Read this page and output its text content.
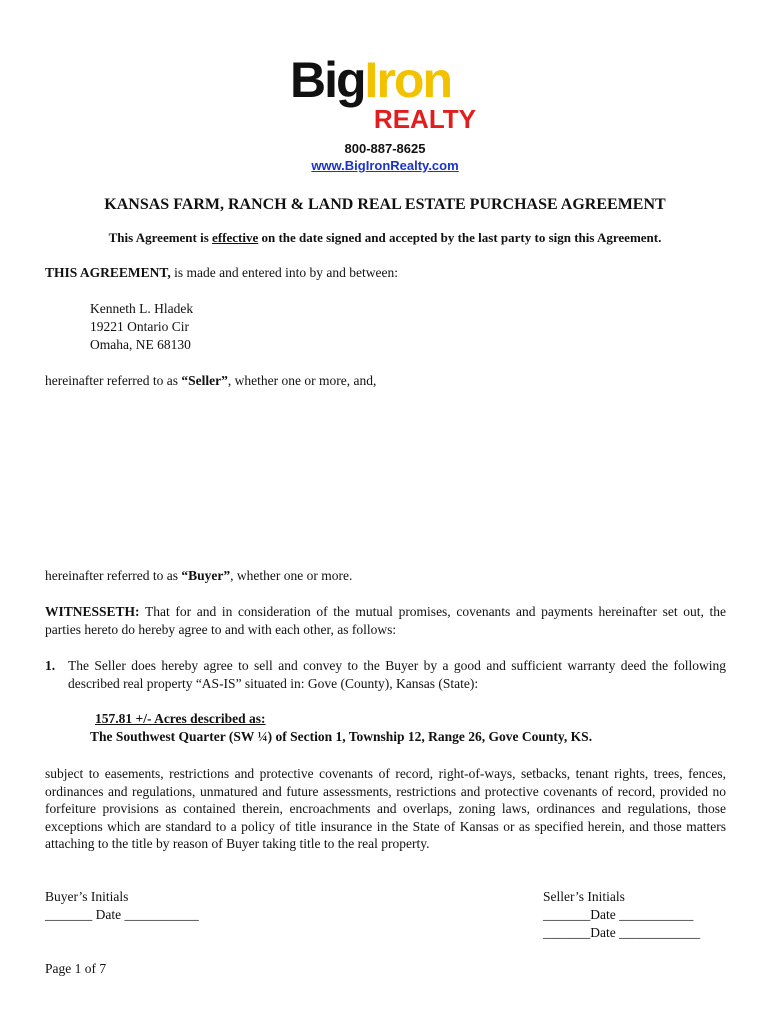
BigIron
REALTY
800-887-8625
www.BigIronRealty.com
KANSAS FARM, RANCH & LAND REAL ESTATE PURCHASE AGREEMENT
This Agreement is effective on the date signed and accepted by the last party to sign this Agreement.
THIS AGREEMENT, is made and entered into by and between:
Kenneth L. Hladek
19221 Ontario Cir
Omaha, NE 68130
hereinafter referred to as “Seller”, whether one or more, and,
hereinafter referred to as “Buyer”, whether one or more.
WITNESSETH: That for and in consideration of the mutual promises, covenants and payments hereinafter set out, the parties hereto do hereby agree to and with each other, as follows:
1. The Seller does hereby agree to sell and convey to the Buyer by a good and sufficient warranty deed the following described real property “AS-IS” situated in: Gove (County), Kansas (State):
157.81 +/- Acres described as:
The Southwest Quarter (SW ¼) of Section 1, Township 12, Range 26, Gove County, KS.
subject to easements, restrictions and protective covenants of record, right-of-ways, setbacks, tenant rights, trees, fences, ordinances and regulations, unmatured and future assessments, restrictions and protective covenants of record, provided no forfeiture provisions as contained therein, encroachments and overlaps, zoning laws, ordinances and regulations, those exceptions which are standard to a policy of title insurance in the State of Kansas or as specified herein, and those matters attaching to the title by reason of Buyer taking title to the real property.
Buyer’s Initials
_______ Date ___________
Seller’s Initials
_______Date ___________
_______Date ____________
Page 1 of 7
